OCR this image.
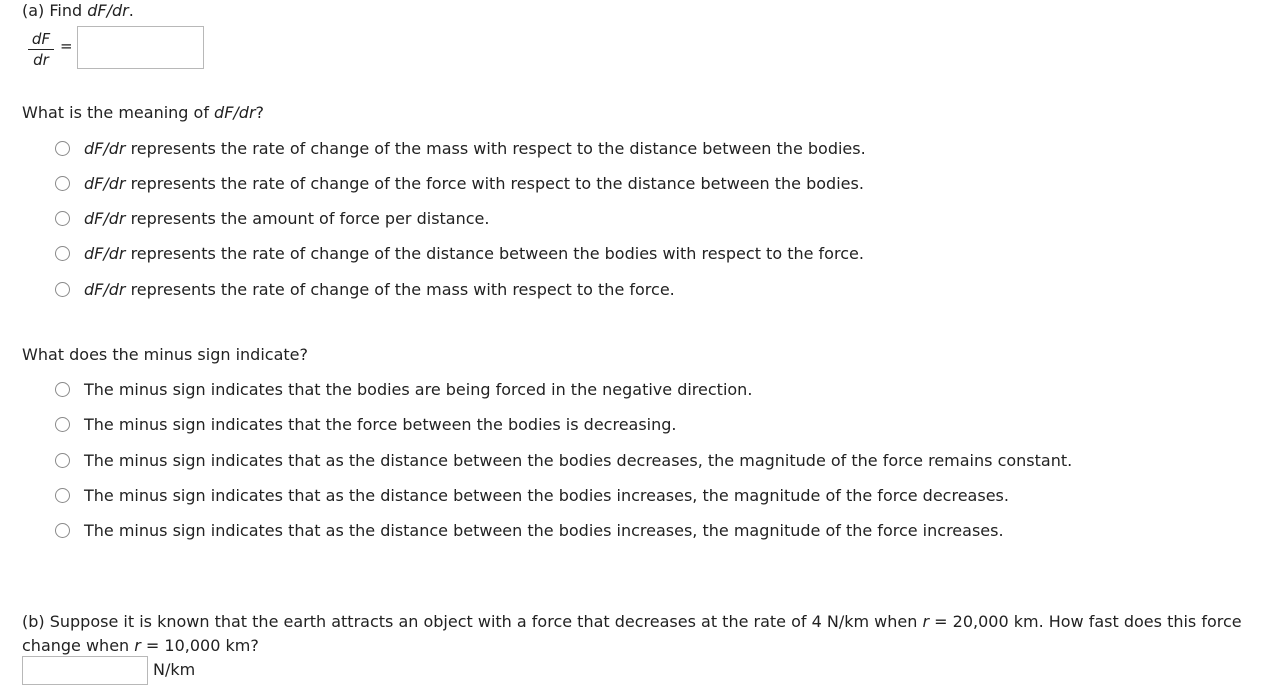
(a) Find dF/dr.
$\frac{dF}{dr}$ =
What is the meaning of dF/dr?
dF/dr represents the rate of change of the mass with respect to the distance between the bodies.
dF/dr represents the rate of change of the force with respect to the distance between the bodies.
dF/dr represents the amount of force per distance.
dF/dr represents the rate of change of the distance between the bodies with respect to the force.
dF/dr represents the rate of change of the mass with respect to the force.
What does the minus sign indicate?
The minus sign indicates that the bodies are being forced in the negative direction.
The minus sign indicates that the force between the bodies is decreasing.
The minus sign indicates that as the distance between the bodies decreases, the magnitude of the force remains constant.
The minus sign indicates that as the distance between the bodies increases, the magnitude of the force decreases.
The minus sign indicates that as the distance between the bodies increases, the magnitude of the force increases.
(b) Suppose it is known that the earth attracts an object with a force that decreases at the rate of 4 N/km when r = 20,000 km. How fast does this force change when r = 10,000 km?
N/km
